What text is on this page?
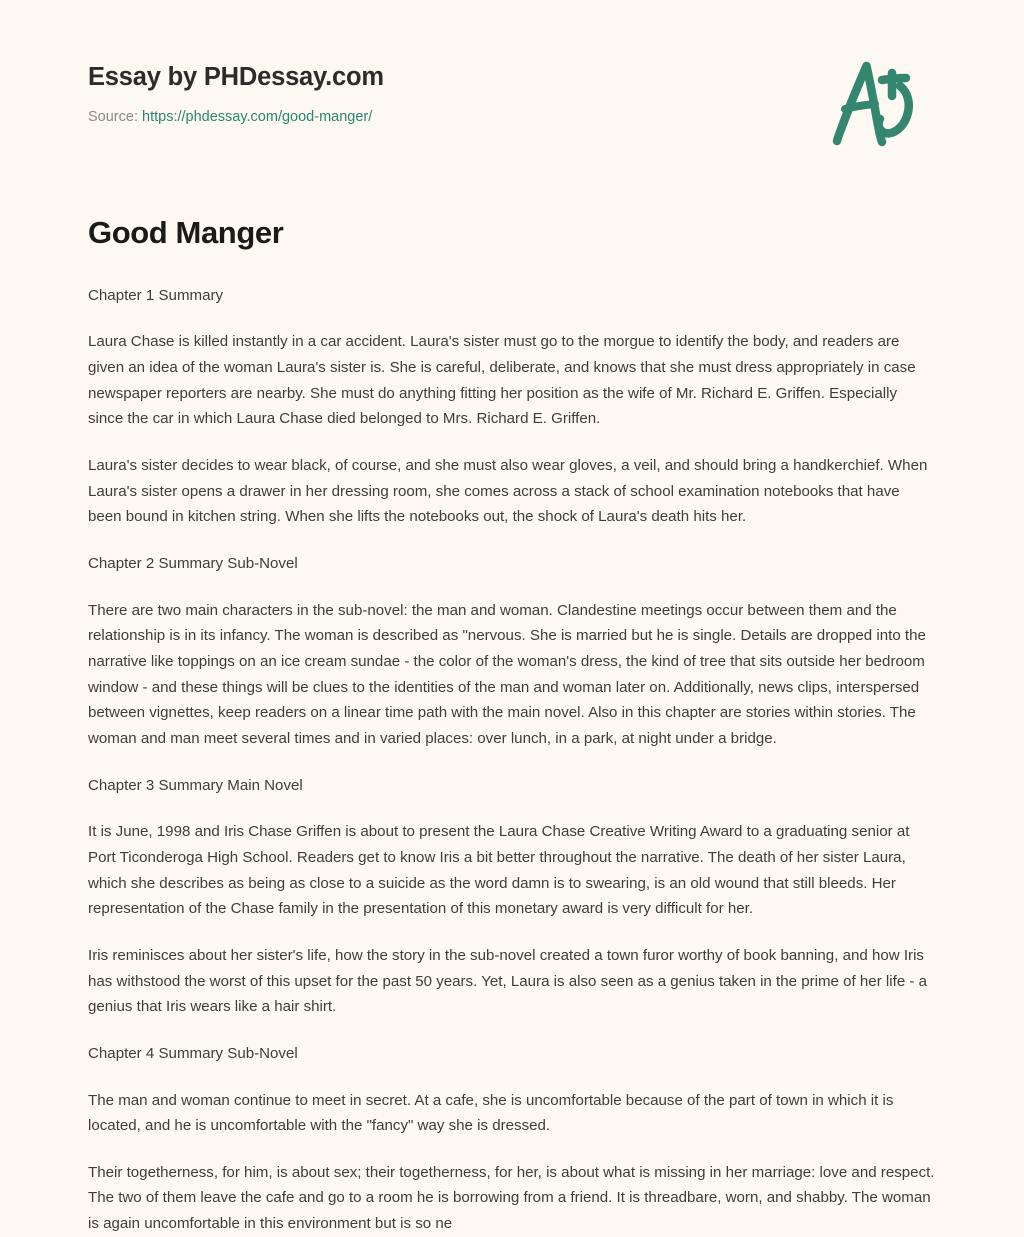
Essay by PHDessay.com
Source: https://phdessay.com/good-manger/
Good Manger

Chapter 1 Summary

Laura Chase is killed instantly in a car accident. Laura's sister must go to the morgue to identify the body, and readers are given an idea of the woman Laura's sister is. She is careful, deliberate, and knows that she must dress appropriately in case newspaper reporters are nearby. She must do anything fitting her position as the wife of Mr. Richard E. Griffen. Especially since the car in which Laura Chase died belonged to Mrs. Richard E. Griffen.

Laura's sister decides to wear black, of course, and she must also wear gloves, a veil, and should bring a handkerchief. When Laura's sister opens a drawer in her dressing room, she comes across a stack of school examination notebooks that have been bound in kitchen string. When she lifts the notebooks out, the shock of Laura's death hits her.

Chapter 2 Summary Sub-Novel

There are two main characters in the sub-novel: the man and woman. Clandestine meetings occur between them and the relationship is in its infancy. The woman is described as "nervous. She is married but he is single. Details are dropped into the narrative like toppings on an ice cream sundae - the color of the woman's dress, the kind of tree that sits outside her bedroom window - and these things will be clues to the identities of the man and woman later on. Additionally, news clips, interspersed between vignettes, keep readers on a linear time path with the main novel. Also in this chapter are stories within stories. The woman and man meet several times and in varied places: over lunch, in a park, at night under a bridge.

Chapter 3 Summary Main Novel

It is June, 1998 and Iris Chase Griffen is about to present the Laura Chase Creative Writing Award to a graduating senior at Port Ticonderoga High School. Readers get to know Iris a bit better throughout the narrative. The death of her sister Laura, which she describes as being as close to a suicide as the word damn is to swearing, is an old wound that still bleeds. Her representation of the Chase family in the presentation of this monetary award is very difficult for her.

Iris reminisces about her sister's life, how the story in the sub-novel created a town furor worthy of book banning, and how Iris has withstood the worst of this upset for the past 50 years. Yet, Laura is also seen as a genius taken in the prime of her life - a genius that Iris wears like a hair shirt.

Chapter 4 Summary Sub-Novel

The man and woman continue to meet in secret. At a cafe, she is uncomfortable because of the part of town in which it is located, and he is uncomfortable with the "fancy" way she is dressed.

Their togetherness, for him, is about sex; their togetherness, for her, is about what is missing in her marriage: love and respect. The two of them leave the cafe and go to a room he is borrowing from a friend. It is threadbare, worn, and shabby. The woman is again uncomfortable in this environment but is so ne
